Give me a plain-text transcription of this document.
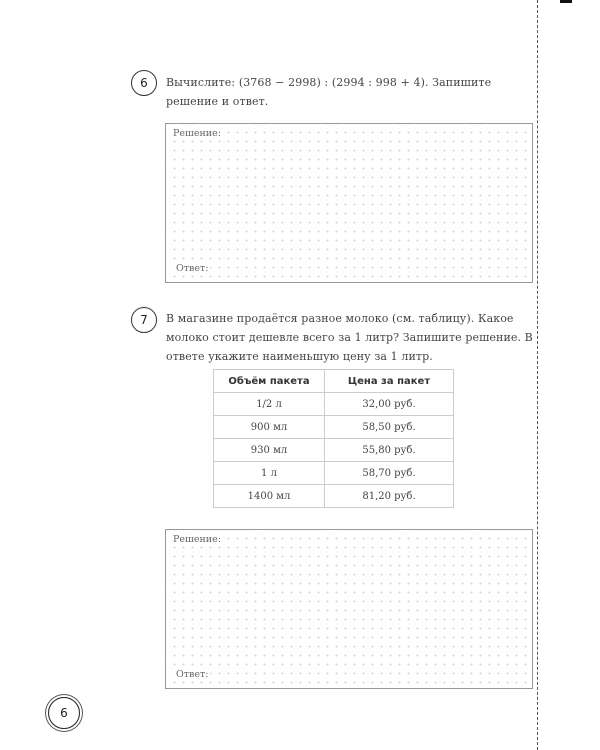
6	Вычислите: (3768 − 2998) : (2994 : 998 + 4). Запишите решение и ответ.
Решение:
Ответ:
7	В магазине продаётся разное молоко (см. таблицу). Какое молоко стоит дешевле всего за 1 литр? Запишите решение. В ответе укажите наименьшую цену за 1 литр.
Объём пакета	Цена за пакет
1/2 л	32,00 руб.
900 мл	58,50 руб.
930 мл	55,80 руб.
1 л	58,70 руб.
1400 мл	81,20 руб.
Решение:
Ответ:
6
